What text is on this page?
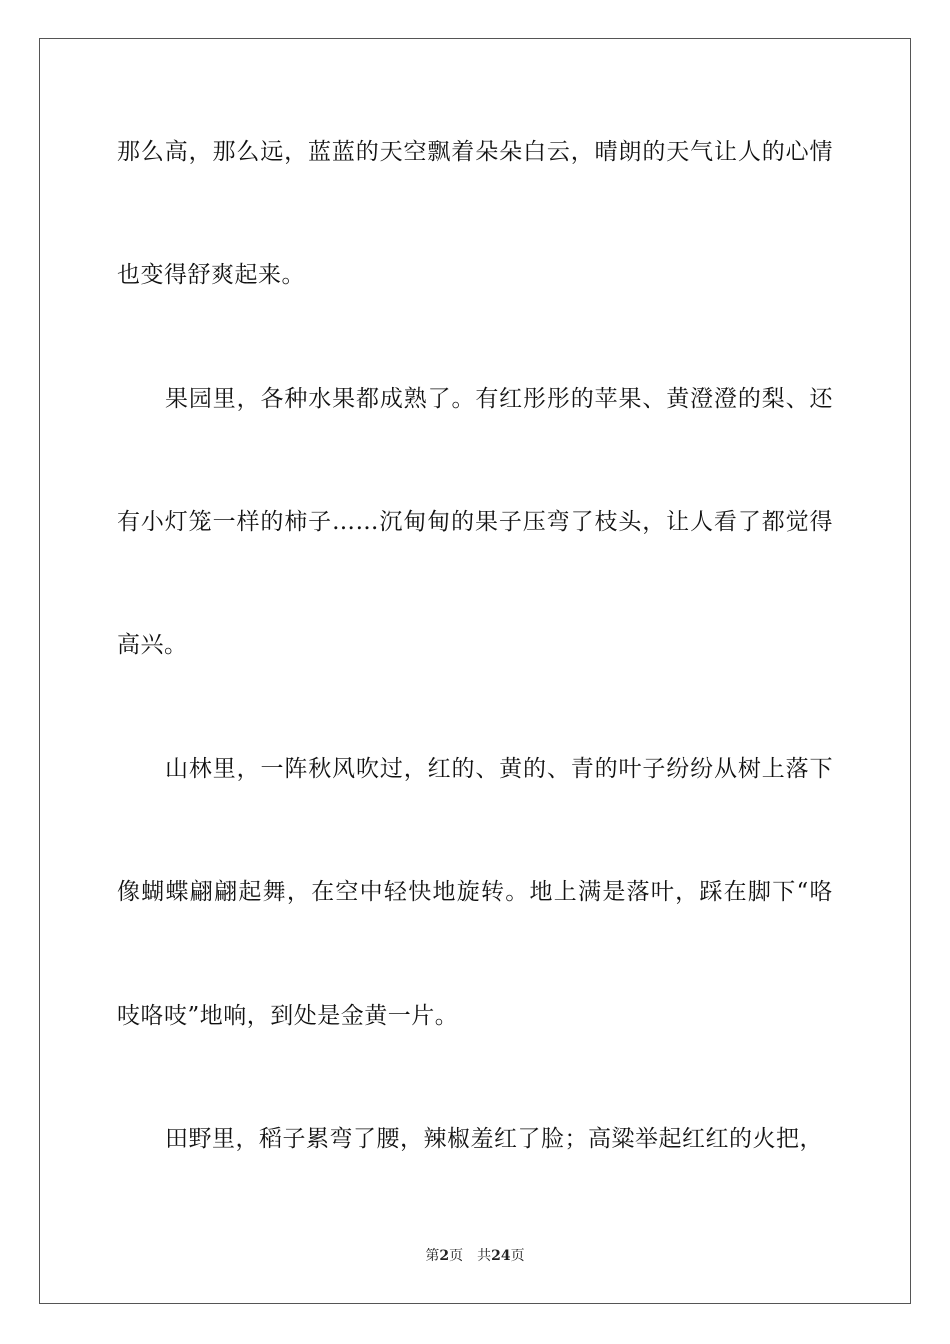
那么高，那么远，蓝蓝的天空飘着朵朵白云，晴朗的天气让人的心情
也变得舒爽起来。
果园里，各种水果都成熟了。有红彤彤的苹果、黄澄澄的梨、还
有小灯笼一样的柿子……沉甸甸的果子压弯了枝头，让人看了都觉得
高兴。
山林里，一阵秋风吹过，红的、黄的、青的叶子纷纷从树上落下
像蝴蝶翩翩起舞，在空中轻快地旋转。地上满是落叶，踩在脚下“咯
吱咯吱”地响，到处是金黄一片。
田野里，稻子累弯了腰，辣椒羞红了脸；高粱举起红红的火把，
第2页 共24页
